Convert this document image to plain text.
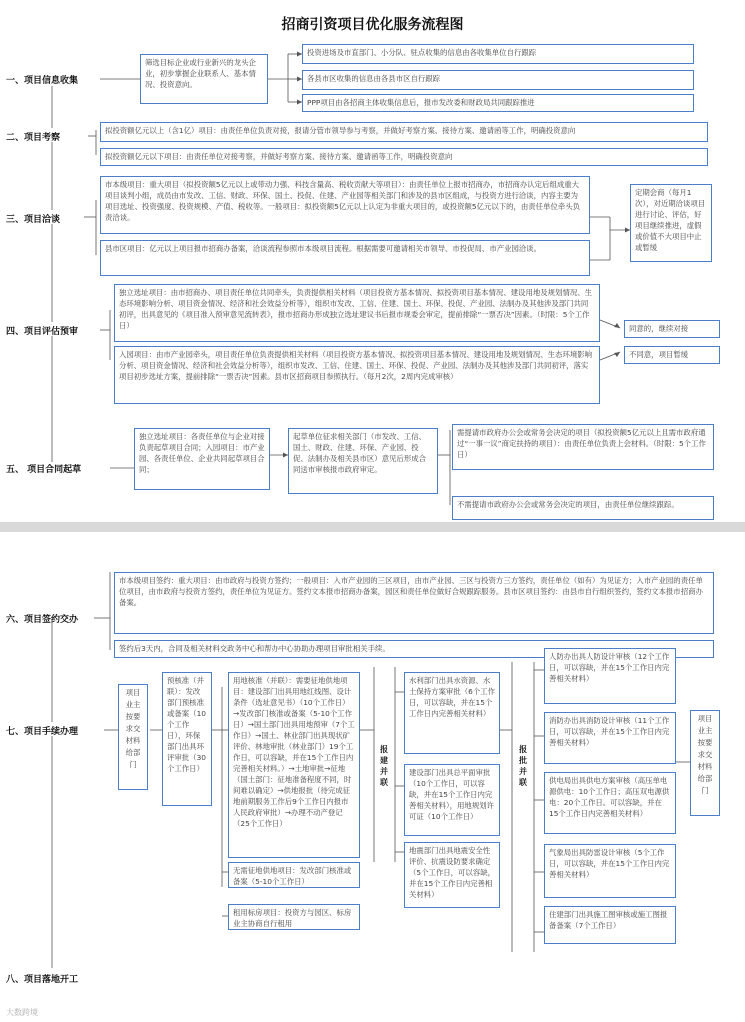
招商引资项目优化服务流程图
一、项目信息收集
筛选目标企业或行业新兴的龙头企业，初步掌握企业联系人、基本情况、投资意向。
投资进场及市直部门、小分队、驻点收集的信息由各收集单位自行跟踪
各县市区收集的信息由各县市区自行跟踪
PPP项目由各招商主体收集信息后，报市发改委和财政局共同跟踪推进
二、项目考察
拟投资额亿元以上（含1亿）项目：由责任单位负责对接，报请分管市领导参与考察，并做好考察方案、接待方案、邀请函等工作，明确投资意向
拟投资额亿元以下项目：由责任单位对接考察，并做好考察方案、接待方案、邀请函等工作，明确投资意向
三、项目洽谈
市本级项目：重大项目（拟投资额5亿元以上或带动力强、科技含量高、税收贡献大等项目）：由责任单位上报市招商办，市招商办认定后组成重大项目谈判小组，成员由市发改、工信、财政、环保、国土、投促、住建、产业园等相关部门和涉及的县市区组成，与投资方进行洽谈，内容主要为项目选址、投资强度、投资规模、产值、税收等。一般项目：拟投资额5亿元以上认定为非重大项目的，或投资额5亿元以下的，由责任单位牵头负责洽谈。
县市区项目：亿元以上项目报市招商办备案，洽谈流程参照市本级项目流程。根据需要可邀请相关市领导、市投促局、市产业园洽谈。
定期会商（每月1次），对近期洽谈项目进行讨论、评估，好项目继续推进，虚假或价值不大项目中止或暂缓
四、项目评估预审
独立选址项目：由市招商办、项目责任单位共同牵头，负责提供相关材料（项目投资方基本情况、拟投资项目基本情况、建设用地及规划情况、生态环境影响分析、项目资金情况、经济和社会效益分析等），组织市发改、工信、住建、国土、环保、投促、产业园、法制办及其他涉及部门共同初评，出具意见的《项目准入预审意见流转表》，报市招商办形成独立选址建议书后报市规委会审定，提前排除“一票否决”因素。（时限：5个工作日）
入园项目：由市产业园牵头，项目责任单位负责提供相关材料（项目投资方基本情况、拟投资项目基本情况、建设用地及规划情况、生态环境影响分析、项目资金情况、经济和社会效益分析等），组织市发改、工信、住建、国土、环保、投促、产业园、法制办及其他涉及部门共同初评，落实项目初步选址方案，提前排除“一票否决”因素。县市区招商项目参照执行。（每月2次，2周内完成审核）
同意的，继续对接
不同意，项目暂缓
五、 项目合同起草
独立选址项目：各责任单位与企业对接负责起草项目合同；入园项目：市产业园、各责任单位、企业共同起草项目合同；
起草单位征求相关部门（市发改、工信、国土、财政、住建、环保、产业园、投促、法制办及相关县市区）意见后形成合同送市审核报市政府审定。
需提请市政府办公会或常务会决定的项目（拟投资额5亿元以上且需市政府通过“一事一议”商定扶持的项目）：由责任单位负责上会材料。（时限：5个工作日）
不需提请市政府办公会或常务会决定的项目，由责任单位继续跟踪。
六、项目签约交办
市本级项目签约：重大项目：由市政府与投资方签约；一般项目：入市产业园的三区项目，由市产业园、三区与投资方三方签约，责任单位（如有）为见证方；入市产业园的责任单位项目，由市政府与投资方签约，责任单位为见证方。签约文本报市招商办备案，园区和责任单位做好合规跟踪服务。县市区项目签约：由县市自行组织签约，签约文本报市招商办备案。
签约后3天内，合同及相关材料交政务中心和帮办中心协助办理项目审批相关手续。
七、项目手续办理
项目业主按要求交材料给部门
预核准（并联）：发改部门预核准或备案（10个工作日），环保部门出具环评审批（30个工作日）
用地核准（并联）：需要征地供地项目：建设部门出具用地红线图、设计条件（选址意见书）（10个工作日）→发改部门核准或备案（5-10个工作日）→国土部门出具用地预审（7个工作日）→国土、林业部门出具现状矿评价、林地审批（林业部门）19个工作日，可以容缺，并在15个工作日内完善相关材料。）→土地审批→征地（国土部门：征地准备程度不同，时间难以确定）→供地报批（待完成征地前期服务工作后9个工作日内报市人民政府审批）→办理不动产登记（25个工作日）
无需征地供地项目：发改部门核准或备案（5-10个工作日）
租用标房项目：投资方与园区、标房业主协商自行租用
报建并联
水利部门出具水资源、水土保持方案审批（6个工作日，可以容缺，并在15个工作日内完善相关材料）
建设部门出具总平面审批（10个工作日，可以容缺，并在15个工作日内完善相关材料），用地规划许可证（10个工作日）
地震部门出具地震安全性评价、抗震设防要求确定（5个工作日，可以容缺，并在15个工作日内完善相关材料）
报批并联
人防办出具人防设计审核（12个工作日，可以容缺，并在15个工作日内完善相关材料）
消防办出具消防设计审核（11个工作日，可以容缺，并在15个工作日内完善相关材料）
供电局出具供电方案审核（高压单电源供电：10个工作日；高压双电源供电：20个工作日。可以容缺，并在15个工作日内完善相关材料）
气象局出具防雷设计审核（5个工作日，可以容缺，并在15个工作日内完善相关材料）
住建部门出具施工图审核或施工图报备备案（7个工作日）
项目业主按要求交材料给部门
八、项目落地开工
大数跨境
